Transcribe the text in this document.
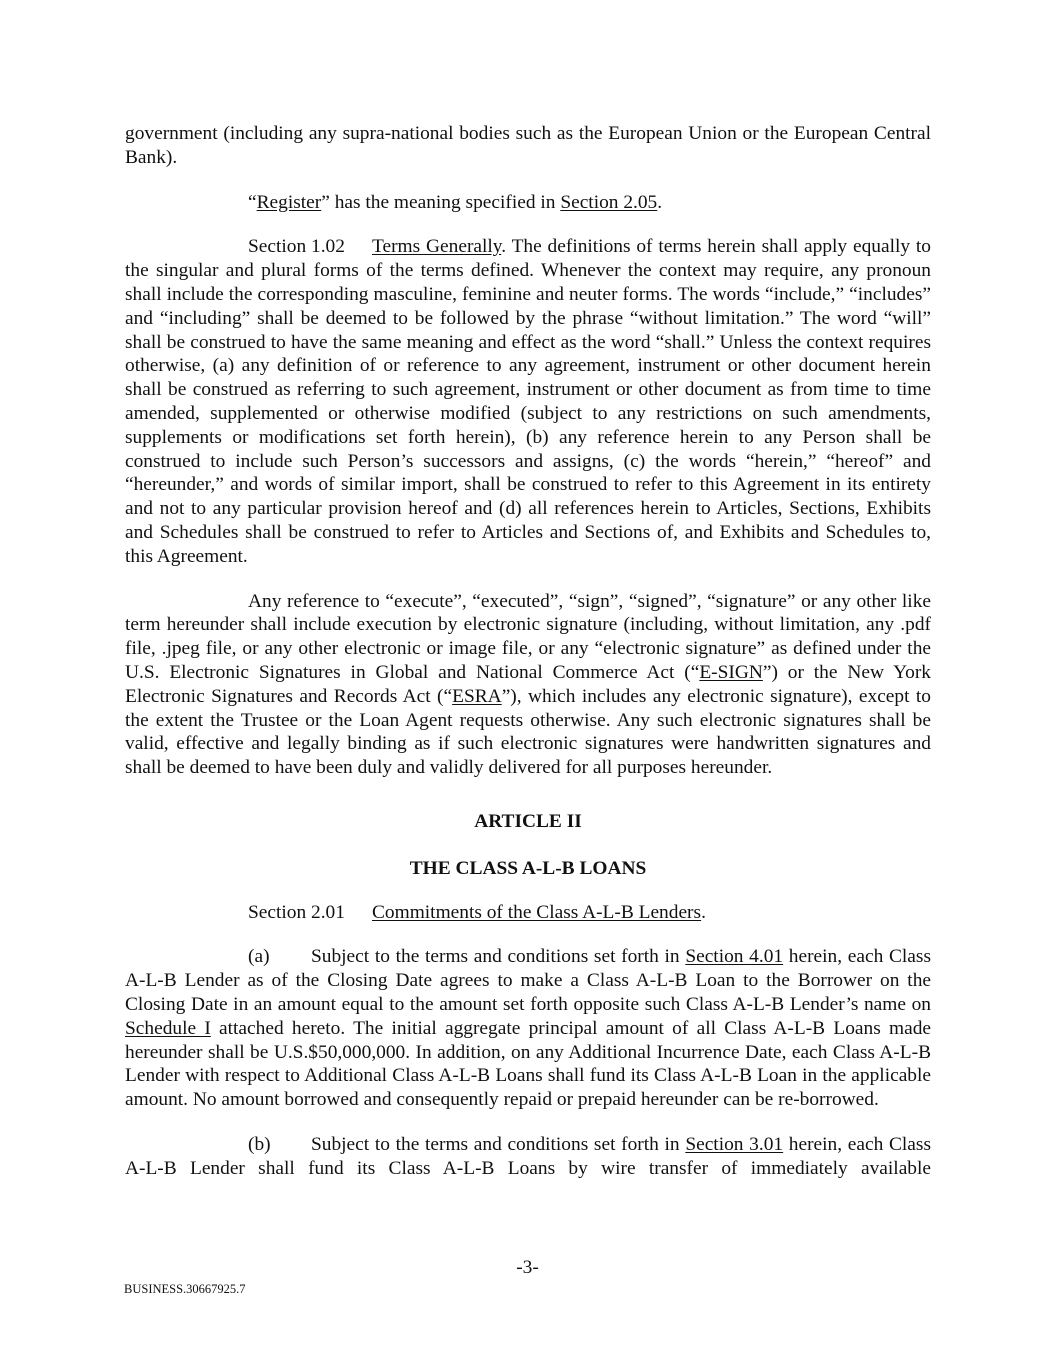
government (including any supra-national bodies such as the European Union or the European Central Bank).

“Register” has the meaning specified in Section 2.05.

Section 1.02 Terms Generally. The definitions of terms herein shall apply equally to the singular and plural forms of the terms defined. Whenever the context may require, any pronoun shall include the corresponding masculine, feminine and neuter forms. The words “include,” “includes” and “including” shall be deemed to be followed by the phrase “without limitation.” The word “will” shall be construed to have the same meaning and effect as the word “shall.” Unless the context requires otherwise, (a) any definition of or reference to any agreement, instrument or other document herein shall be construed as referring to such agreement, instrument or other document as from time to time amended, supplemented or otherwise modified (subject to any restrictions on such amendments, supplements or modifications set forth herein), (b) any reference herein to any Person shall be construed to include such Person’s successors and assigns, (c) the words “herein,” “hereof” and “hereunder,” and words of similar import, shall be construed to refer to this Agreement in its entirety and not to any particular provision hereof and (d) all references herein to Articles, Sections, Exhibits and Schedules shall be construed to refer to Articles and Sections of, and Exhibits and Schedules to, this Agreement.

Any reference to “execute”, “executed”, “sign”, “signed”, “signature” or any other like term hereunder shall include execution by electronic signature (including, without limitation, any .pdf file, .jpeg file, or any other electronic or image file, or any “electronic signature” as defined under the U.S. Electronic Signatures in Global and National Commerce Act (“E-SIGN”) or the New York Electronic Signatures and Records Act (“ESRA”), which includes any electronic signature), except to the extent the Trustee or the Loan Agent requests otherwise. Any such electronic signatures shall be valid, effective and legally binding as if such electronic signatures were handwritten signatures and shall be deemed to have been duly and validly delivered for all purposes hereunder.

ARTICLE II

THE CLASS A-L-B LOANS

Section 2.01 Commitments of the Class A-L-B Lenders.

(a) Subject to the terms and conditions set forth in Section 4.01 herein, each Class A-L-B Lender as of the Closing Date agrees to make a Class A-L-B Loan to the Borrower on the Closing Date in an amount equal to the amount set forth opposite such Class A-L-B Lender’s name on Schedule I attached hereto. The initial aggregate principal amount of all Class A-L-B Loans made hereunder shall be U.S.$50,000,000. In addition, on any Additional Incurrence Date, each Class A-L-B Lender with respect to Additional Class A-L-B Loans shall fund its Class A-L-B Loan in the applicable amount. No amount borrowed and consequently repaid or prepaid hereunder can be re-borrowed.

(b) Subject to the terms and conditions set forth in Section 3.01 herein, each Class A-L-B Lender shall fund its Class A-L-B Loans by wire transfer of immediately available

-3-
BUSINESS.30667925.7
